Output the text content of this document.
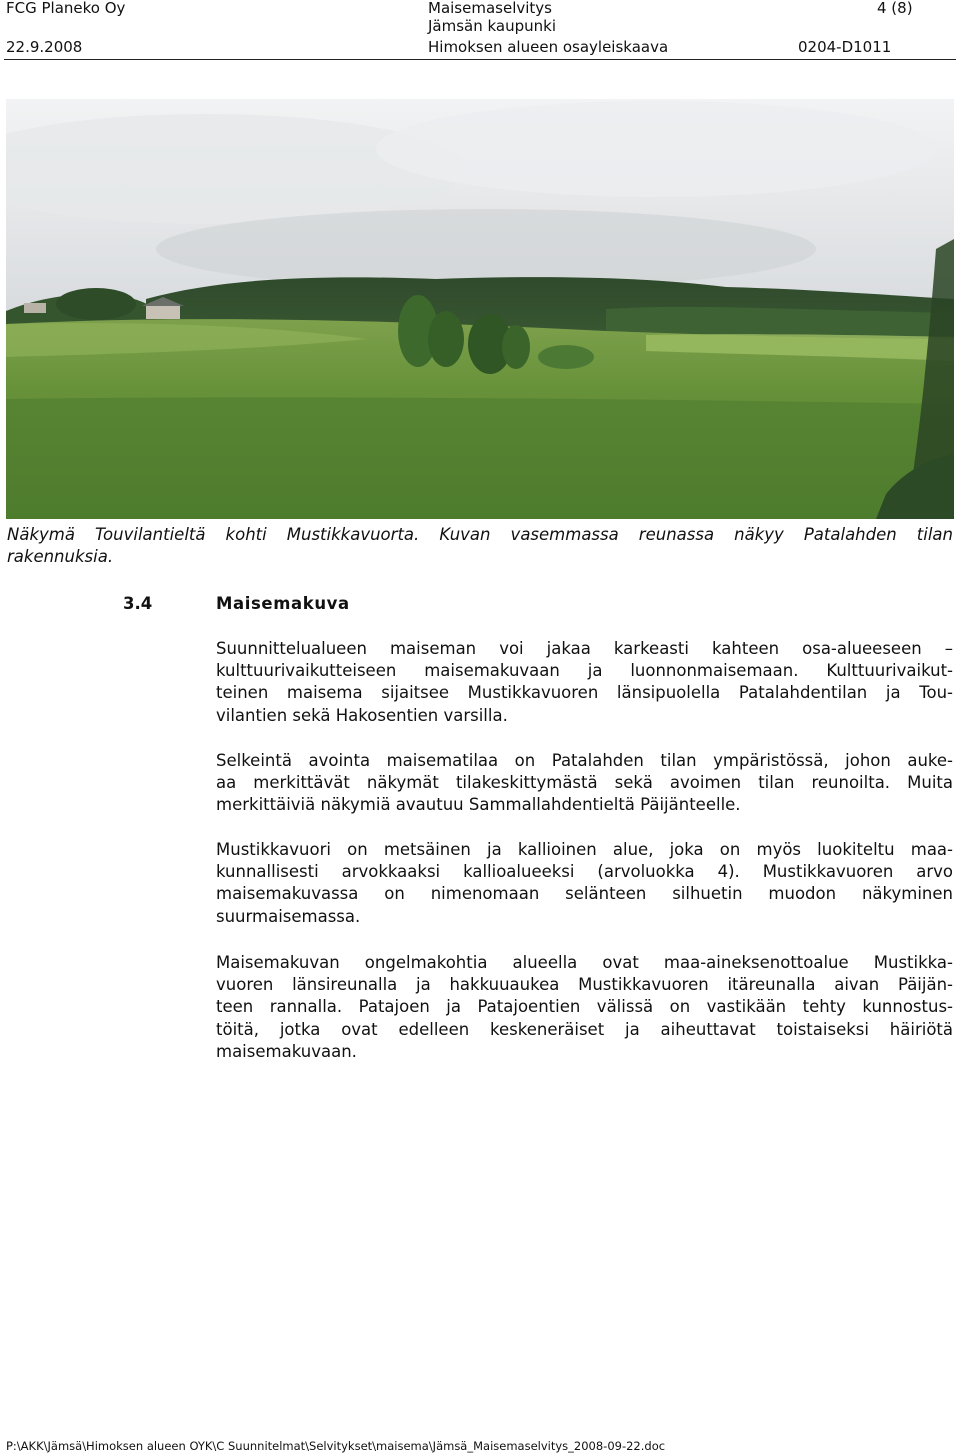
FCG Planeko Oy
22.9.2008
Maisemaselvitys
Jämsän kaupunki
Himoksen alueen osayleiskaava
4 (8)
0204-D1011
Näkymä Touvilantieltä kohti Mustikkavuorta. Kuvan vasemmassa reunassa näkyy Patalahden tilan
rakennuksia.
3.4	Maisemakuva
Suunnittelualueen maiseman voi jakaa karkeasti kahteen osa-alueeseen –
kulttuurivaikutteiseen maisemakuvaan ja luonnonmaisemaan. Kulttuurivaikut-
teinen maisema sijaitsee Mustikkavuoren länsipuolella Patalahdentilan ja Tou-
vilantien sekä Hakosentien varsilla.
Selkeintä avointa maisematilaa on Patalahden tilan ympäristössä, johon auke-
aa merkittävät näkymät tilakeskittymästä sekä avoimen tilan reunoilta. Muita
merkittäiviä näkymiä avautuu Sammallahdentieltä Päijänteelle.
Mustikkavuori on metsäinen ja kallioinen alue, joka on myös luokiteltu maa-
kunnallisesti arvokkaaksi kallioalueeksi (arvoluokka 4). Mustikkavuoren arvo
maisemakuvassa on nimenomaan selänteen silhuetin muodon näkyminen
suurmaisemassa.
Maisemakuvan ongelmakohtia alueella ovat maa-aineksenottoalue Mustikka-
vuoren länsireunalla ja hakkuuaukea Mustikkavuoren itäreunalla aivan Päijän-
teen rannalla. Patajoen ja Patajoentien välissä on vastikään tehty kunnostus-
töitä, jotka ovat edelleen keskeneräiset ja aiheuttavat toistaiseksi häiriötä
maisemakuvaan.
P:\AKK\Jämsä\Himoksen alueen OYK\C Suunnitelmat\Selvitykset\maisema\Jämsä_Maisemaselvitys_2008-09-22.doc
